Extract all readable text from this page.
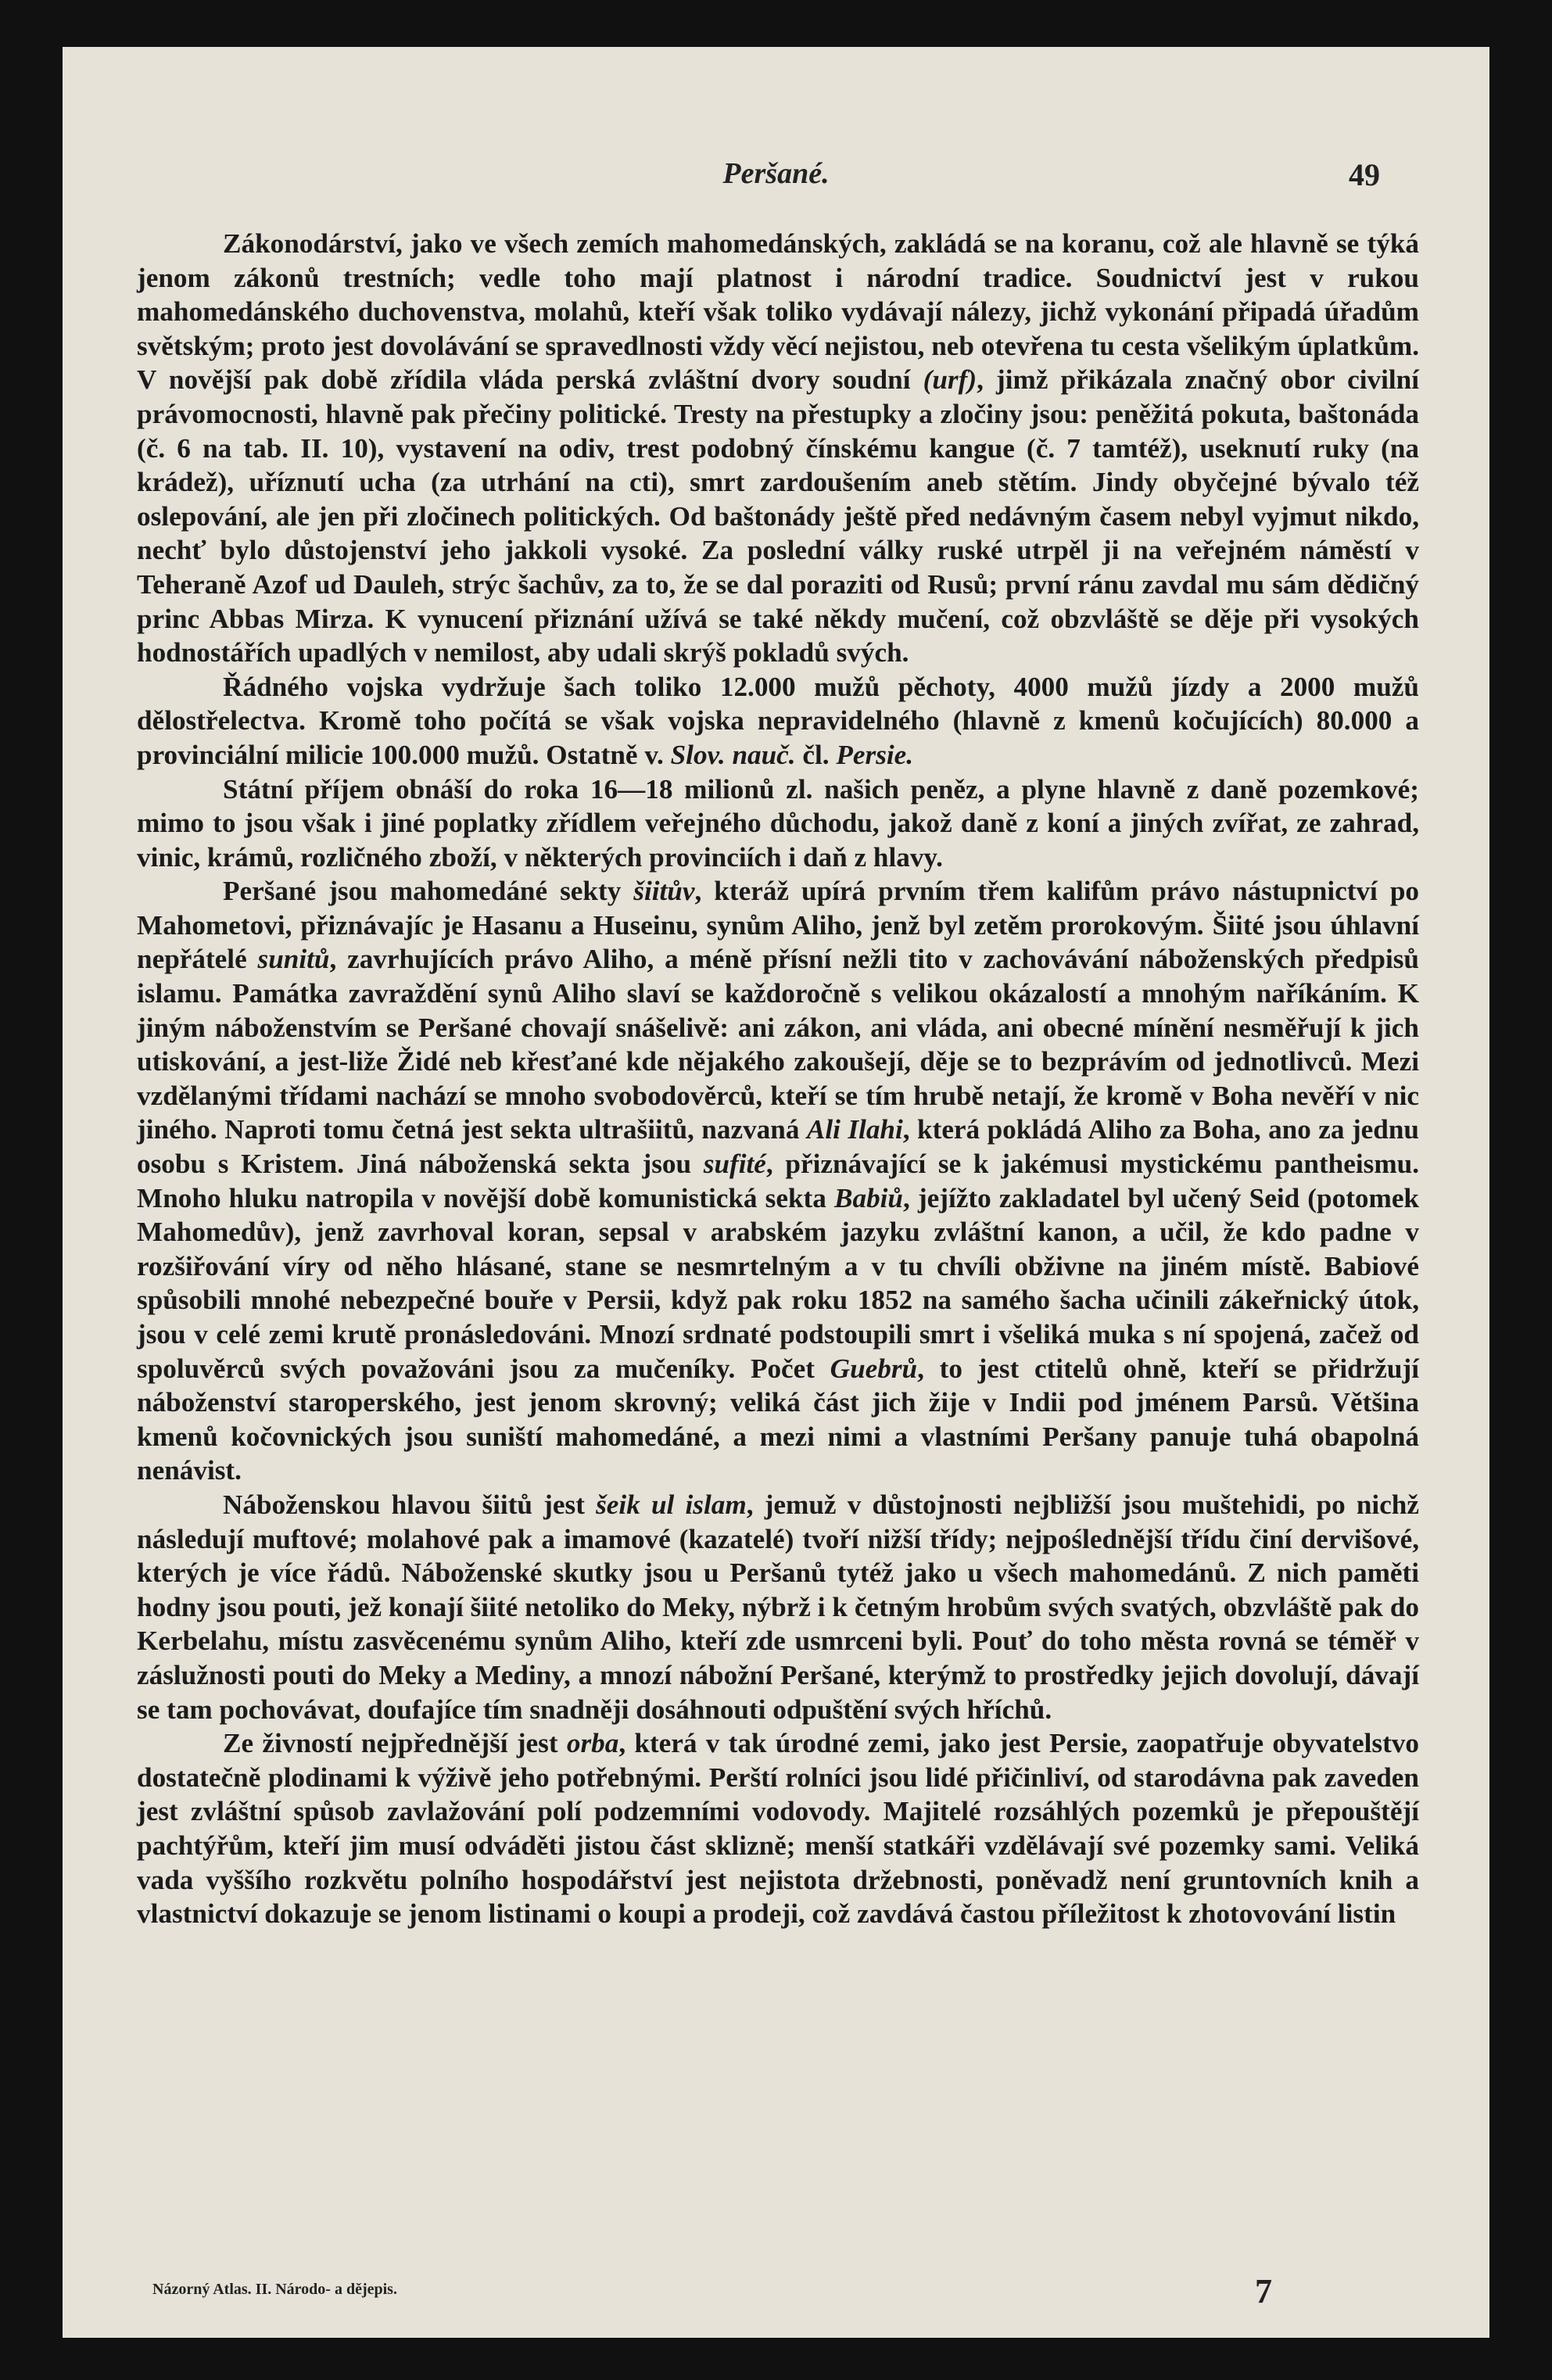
Peršané.	49

Zákonodárství, jako ve všech zemích mahomedánských, zakládá se na koranu, což ale hlavně se týká jenom zákonů trestních; vedle toho mají platnost i národní tradice. Soudnictví jest v rukou mahomedánského duchovenstva, molahů, kteří však toliko vydávají nálezy, jichž vykonání připadá úřadům světským; proto jest dovolávání se spravedlnosti vždy věcí nejistou, neb otevřena tu cesta všelikým úplatkům. V novější pak době zřídila vláda perská zvláštní dvory soudní (urf), jimž přikázala značný obor civilní právomocnosti, hlavně pak přečiny politické. Tresty na přestupky a zločiny jsou: peněžitá pokuta, baštonáda (č. 6 na tab. II. 10), vystavení na odiv, trest podobný čínskému kangue (č. 7 tamtéž), useknutí ruky (na krádež), uříznutí ucha (za utrhání na cti), smrt zardoušením aneb stětím. Jindy obyčejné bývalo též oslepování, ale jen při zločinech politických. Od baštonády ještě před nedávným časem nebyl vyjmut nikdo, nechť bylo důstojenství jeho jakkoli vysoké. Za poslední války ruské utrpěl ji na veřejném náměstí v Teheraně Azof ud Dauleh, strýc šachův, za to, že se dal poraziti od Rusů; první ránu zavdal mu sám dědičný princ Abbas Mirza. K vynucení přiznání užívá se také někdy mučení, což obzvláště se děje při vysokých hodnostářích upadlých v nemilost, aby udali skrýš pokladů svých.

Řádného vojska vydržuje šach toliko 12.000 mužů pěchoty, 4000 mužů jízdy a 2000 mužů dělostřelectva. Kromě toho počítá se však vojska nepravidelného (hlavně z kmenů kočujících) 80.000 a provinciální milicie 100.000 mužů. Ostatně v. Slov. nauč. čl. Persie.

Státní příjem obnáší do roka 16—18 milionů zl. našich peněz, a plyne hlavně z daně pozemkové; mimo to jsou však i jiné poplatky zřídlem veřejného důchodu, jakož daně z koní a jiných zvířat, ze zahrad, vinic, krámů, rozličného zboží, v některých provinciích i daň z hlavy.

Peršané jsou mahomedáné sekty šiitův, kteráž upírá prvním třem kalifům právo nástupnictví po Mahometovi, přiznávajíc je Hasanu a Huseinu, synům Aliho, jenž byl zetěm prorokovým. Šiité jsou úhlavní nepřátelé sunitů, zavrhujících právo Aliho, a méně přísní nežli tito v zachovávání náboženských předpisů islamu. Památka zavraždění synů Aliho slaví se každoročně s velikou okázalostí a mnohým naříkáním. K jiným náboženstvím se Peršané chovají snášelivě: ani zákon, ani vláda, ani obecné mínění nesměřují k jich utiskování, a jest-liže Židé neb křesťané kde nějakého zakoušejí, děje se to bezprávím od jednotlivců. Mezi vzdělanými třídami nachází se mnoho svobodověrců, kteří se tím hrubě netají, že kromě v Boha nevěří v nic jiného. Naproti tomu četná jest sekta ultrašiitů, nazvaná Ali Ilahi, která pokládá Aliho za Boha, ano za jednu osobu s Kristem. Jiná náboženská sekta jsou sufité, přiznávající se k jakémusi mystickému pantheismu. Mnoho hluku natropila v novější době komunistická sekta Babiů, jejížto zakladatel byl učený Seid (potomek Mahomedův), jenž zavrhoval koran, sepsal v arabském jazyku zvláštní kanon, a učil, že kdo padne v rozšiřování víry od něho hlásané, stane se nesmrtelným a v tu chvíli obživne na jiném místě. Babiové spůsobili mnohé nebezpečné bouře v Persii, když pak roku 1852 na samého šacha učinili zákeřnický útok, jsou v celé zemi krutě pronásledováni. Mnozí srdnaté podstoupili smrt i všeliká muka s ní spojená, začež od spoluvěrců svých považováni jsou za mučeníky. Počet Guebrů, to jest ctitelů ohně, kteří se přidržují náboženství staroperského, jest jenom skrovný; veliká část jich žije v Indii pod jménem Parsů. Většina kmenů kočovnických jsou suniští mahomedáné, a mezi nimi a vlastními Peršany panuje tuhá obapolná nenávist.

Náboženskou hlavou šiitů jest šeik ul islam, jemuž v důstojnosti nejbližší jsou muštehidi, po nichž následují muftové; molahové pak a imamové (kazatelé) tvoří nižší třídy; nejpoślednější třídu činí dervišové, kterých je více řádů. Náboženské skutky jsou u Peršanů tytéž jako u všech mahomedánů. Z nich paměti hodny jsou pouti, jež konají šiité netoliko do Meky, nýbrž i k četným hrobům svých svatých, obzvláště pak do Kerbelahu, místu zasvěcenému synům Aliho, kteří zde usmrceni byli. Pouť do toho města rovná se téměř v záslužnosti pouti do Meky a Mediny, a mnozí nábožní Peršané, kterýmž to prostředky jejich dovolují, dávají se tam pochovávat, doufajíce tím snadněji dosáhnouti odpuštění svých hříchů.

Ze živností nejpřednější jest orba, která v tak úrodné zemi, jako jest Persie, zaopatřuje obyvatelstvo dostatečně plodinami k výživě jeho potřebnými. Perští rolníci jsou lidé přičinliví, od starodávna pak zaveden jest zvláštní spůsob zavlažování polí podzemními vodovody. Majitelé rozsáhlých pozemků je přepouštějí pachtýřům, kteří jim musí odváděti jistou část sklizně; menší statkáři vzdělávají své pozemky sami. Veliká vada vyššího rozkvětu polního hospodářství jest nejistota držebnosti, poněvadž není gruntovních knih a vlastnictví dokazuje se jenom listinami o koupi a prodeji, což zavdává častou příležitost k zhotovování listin

Názorný Atlas. II. Národo- a dějepis.	7
